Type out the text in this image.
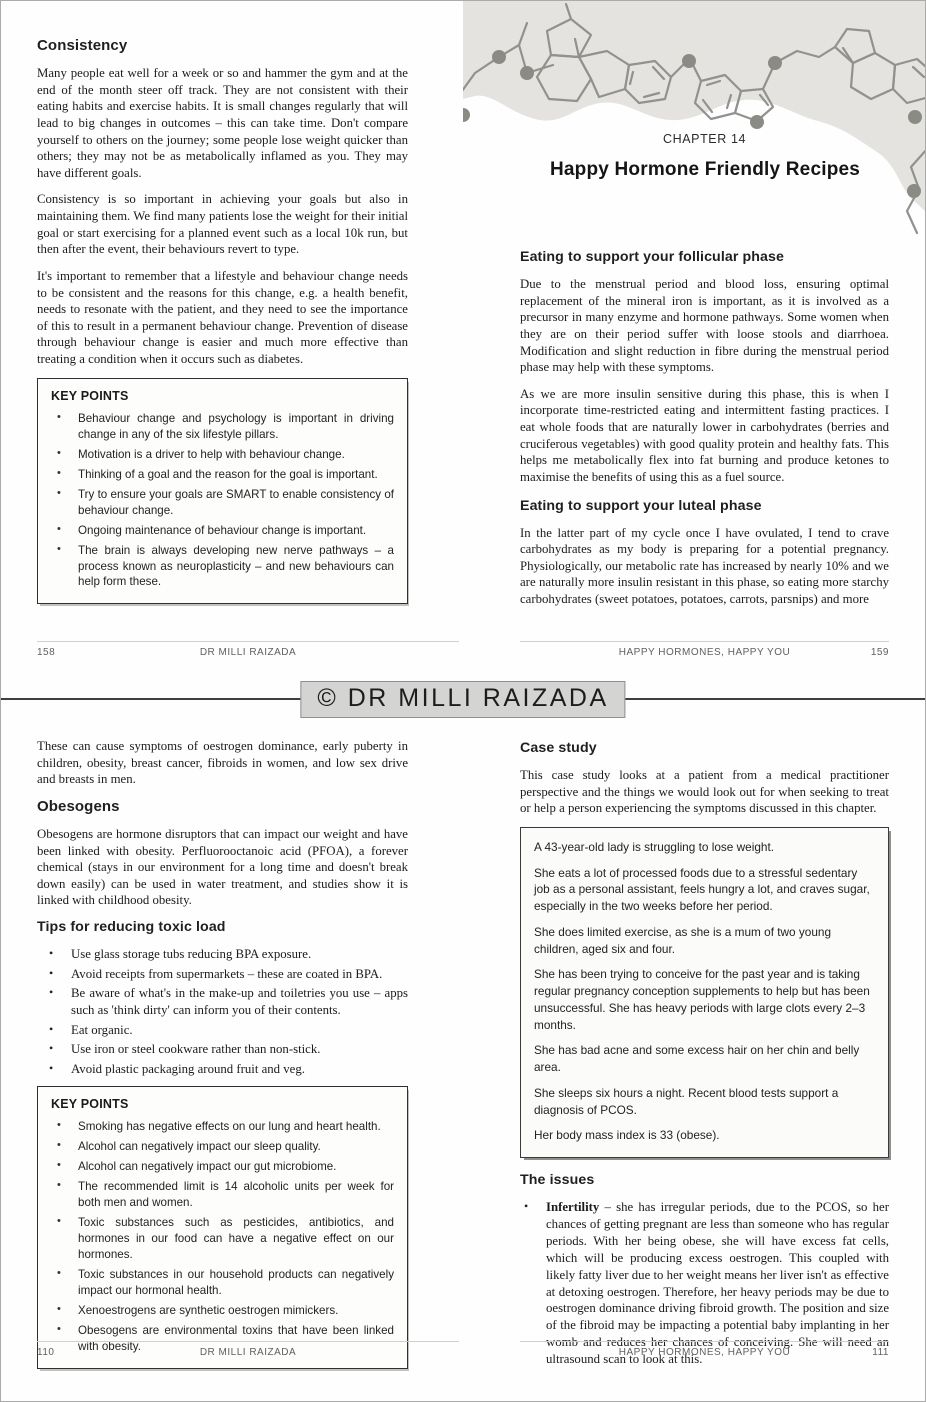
CHAPTER 14
Happy Hormone Friendly Recipes
Consistency

Many people eat well for a week or so and hammer the gym and at the end of the month steer off track. They are not consistent with their eating habits and exercise habits. It is small changes regularly that will lead to big changes in outcomes – this can take time. Don't compare yourself to others on the journey; some people lose weight quicker than others; they may not be as metabolically inflamed as you. They may have different goals.

Consistency is so important in achieving your goals but also in maintaining them. We find many patients lose the weight for their initial goal or start exercising for a planned event such as a local 10k run, but then after the event, their behaviours revert to type.

It's important to remember that a lifestyle and behaviour change needs to be consistent and the reasons for this change, e.g. a health benefit, needs to resonate with the patient, and they need to see the importance of this to result in a permanent behaviour change. Prevention of disease through behaviour change is easier and much more effective than treating a condition when it occurs such as diabetes.

KEY POINTS
• Behaviour change and psychology is important in driving change in any of the six lifestyle pillars.
• Motivation is a driver to help with behaviour change.
• Thinking of a goal and the reason for the goal is important.
• Try to ensure your goals are SMART to enable consistency of behaviour change.
• Ongoing maintenance of behaviour change is important.
• The brain is always developing new nerve pathways – a process known as neuroplasticity – and new behaviours can help form these.
Eating to support your follicular phase

Due to the menstrual period and blood loss, ensuring optimal replacement of the mineral iron is important, as it is involved as a precursor in many enzyme and hormone pathways. Some women when they are on their period suffer with loose stools and diarrhoea. Modification and slight reduction in fibre during the menstrual period phase may help with these symptoms.

As we are more insulin sensitive during this phase, this is when I incorporate time-restricted eating and intermittent fasting practices. I eat whole foods that are naturally lower in carbohydrates (berries and cruciferous vegetables) with good quality protein and healthy fats. This helps me metabolically flex into fat burning and produce ketones to maximise the benefits of using this as a fuel source.

Eating to support your luteal phase

In the latter part of my cycle once I have ovulated, I tend to crave carbohydrates as my body is preparing for a potential pregnancy. Physiologically, our metabolic rate has increased by nearly 10% and we are naturally more insulin resistant in this phase, so eating more starchy carbohydrates (sweet potatoes, potatoes, carrots, parsnips) and more

158	DR MILLI RAIZADA	HAPPY HORMONES, HAPPY YOU	159
© DR MILLI RAIZADA

These can cause symptoms of oestrogen dominance, early puberty in children, obesity, breast cancer, fibroids in women, and low sex drive and breasts in men.

Obesogens

Obesogens are hormone disruptors that can impact our weight and have been linked with obesity. Perfluorooctanoic acid (PFOA), a forever chemical (stays in our environment for a long time and doesn't break down easily) can be used in water treatment, and studies show it is linked with childhood obesity.

Tips for reducing toxic load
• Use glass storage tubs reducing BPA exposure.
• Avoid receipts from supermarkets – these are coated in BPA.
• Be aware of what's in the make-up and toiletries you use – apps such as 'think dirty' can inform you of their contents.
• Eat organic.
• Use iron or steel cookware rather than non-stick.
• Avoid plastic packaging around fruit and veg.
KEY POINTS
• Smoking has negative effects on our lung and heart health.
• Alcohol can negatively impact our sleep quality.
• Alcohol can negatively impact our gut microbiome.
• The recommended limit is 14 alcoholic units per week for both men and women.
• Toxic substances such as pesticides, antibiotics, and hormones in our food can have a negative effect on our hormones.
• Toxic substances in our household products can negatively impact our hormonal health.
• Xenoestrogens are synthetic oestrogen mimickers.
• Obesogens are environmental toxins that have been linked with obesity.
Case study

This case study looks at a patient from a medical practitioner perspective and the things we would look out for when seeking to treat or help a person experiencing the symptoms discussed in this chapter.

A 43-year-old lady is struggling to lose weight.

She eats a lot of processed foods due to a stressful sedentary job as a personal assistant, feels hungry a lot, and craves sugar, especially in the two weeks before her period.

She does limited exercise, as she is a mum of two young children, aged six and four.

She has been trying to conceive for the past year and is taking regular pregnancy conception supplements to help but has been unsuccessful. She has heavy periods with large clots every 2–3 months.

She has bad acne and some excess hair on her chin and belly area.

She sleeps six hours a night. Recent blood tests support a diagnosis of PCOS.

Her body mass index is 33 (obese).

The issues
• Infertility – she has irregular periods, due to the PCOS, so her chances of getting pregnant are less than someone who has regular periods. With her being obese, she will have excess fat cells, which will be producing excess oestrogen. This coupled with likely fatty liver due to her weight means her liver isn't as effective at detoxing oestrogen. Therefore, her heavy periods may be due to oestrogen dominance driving fibroid growth. The position and size of the fibroid may be impacting a potential baby implanting in her womb and reduces her chances of conceiving. She will need an ultrasound scan to look at this.
110	DR MILLI RAIZADA	HAPPY HORMONES, HAPPY YOU	111
